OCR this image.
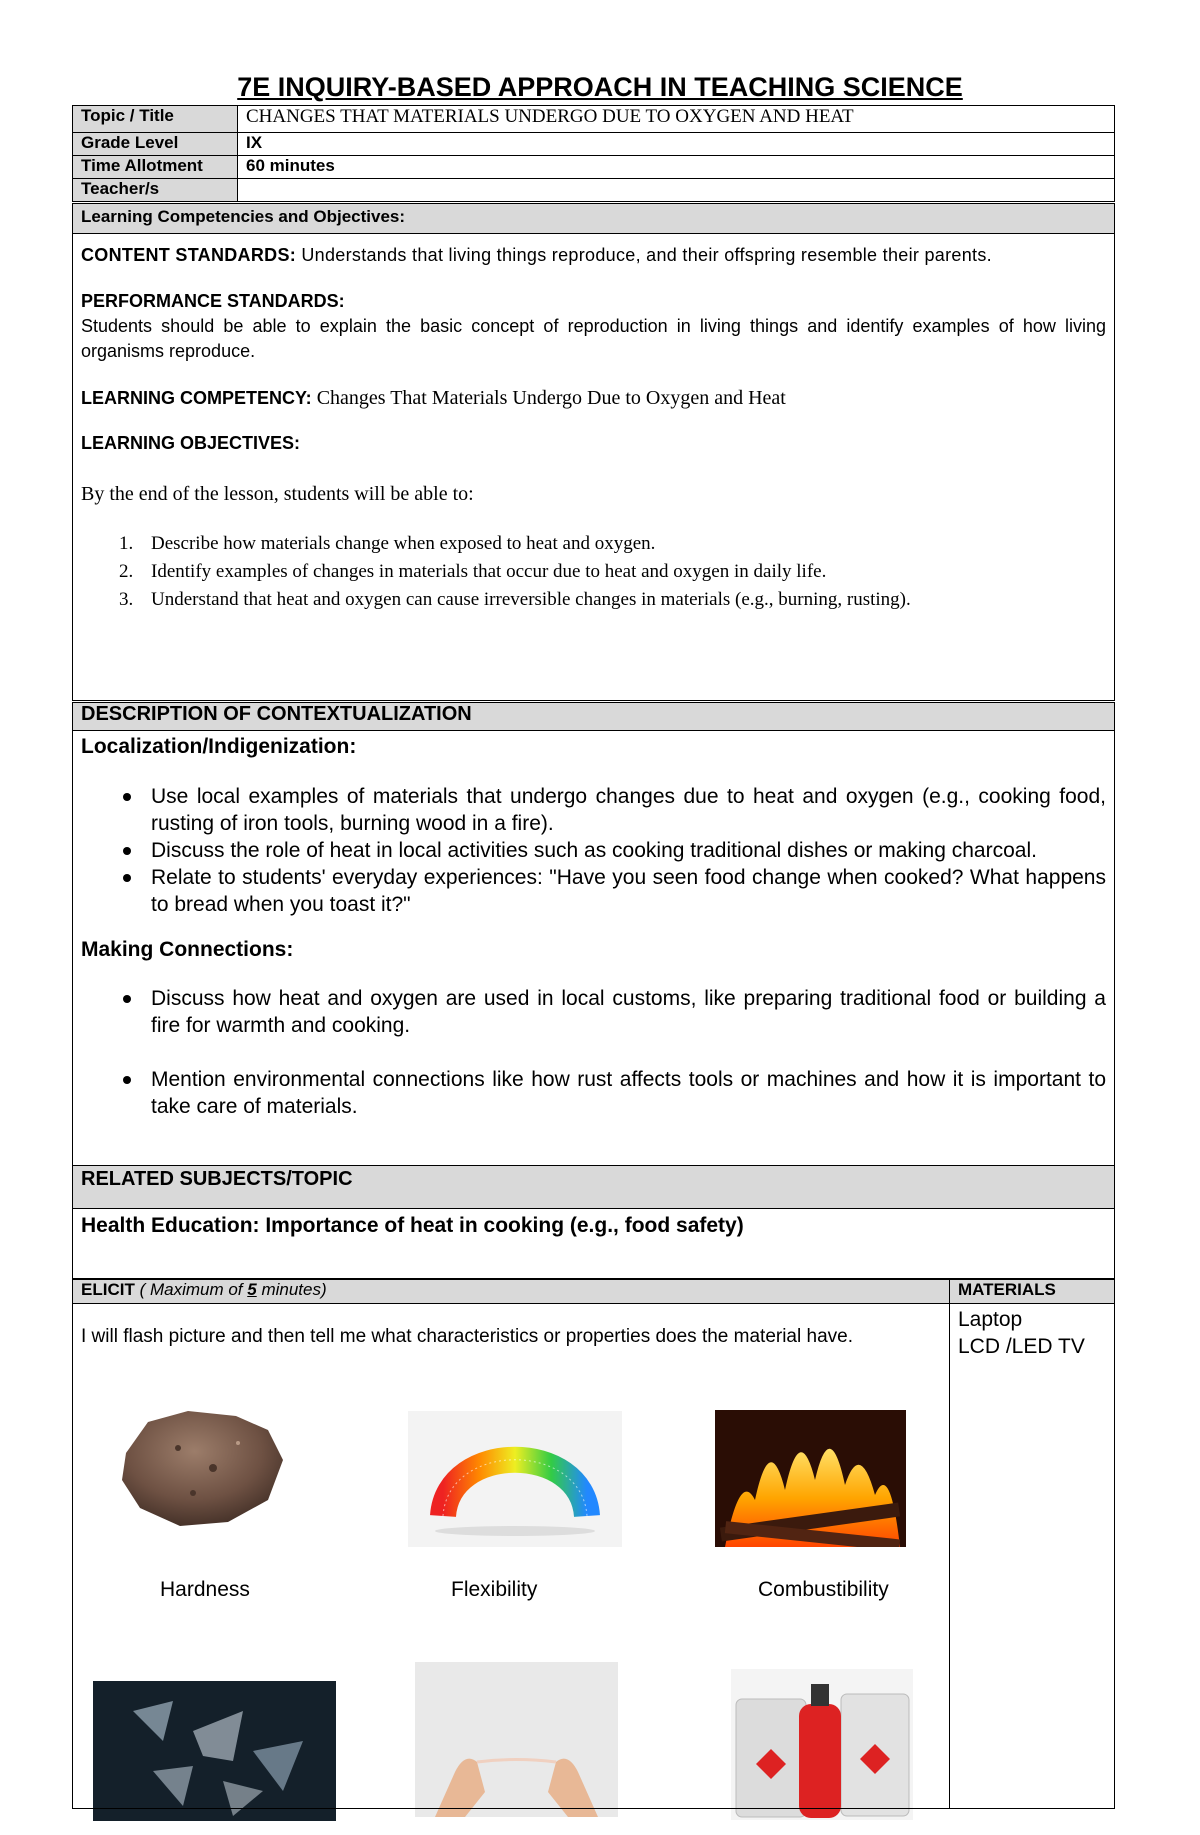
7E INQUIRY-BASED APPROACH IN TEACHING SCIENCE
Topic / Title	CHANGES THAT MATERIALS UNDERGO DUE TO OXYGEN AND HEAT
Grade Level	IX
Time Allotment	60 minutes
Teacher/s	
Learning Competencies and Objectives:

CONTENT STANDARDS: Understands that living things reproduce, and their offspring resemble their parents.

PERFORMANCE STANDARDS:

Students should be able to explain the basic concept of reproduction in living things and identify examples of how living organisms reproduce.

LEARNING COMPETENCY: Changes That Materials Undergo Due to Oxygen and Heat

LEARNING OBJECTIVES:

By the end of the lesson, students will be able to:

1. Describe how materials change when exposed to heat and oxygen.
2. Identify examples of changes in materials that occur due to heat and oxygen in daily life.
3. Understand that heat and oxygen can cause irreversible changes in materials (e.g., burning, rusting).
DESCRIPTION OF CONTEXTUALIZATION

Localization/Indigenization:

Use local examples of materials that undergo changes due to heat and oxygen (e.g., cooking food, rusting of iron tools, burning wood in a fire).
Discuss the role of heat in local activities such as cooking traditional dishes or making charcoal.
Relate to students' everyday experiences: "Have you seen food change when cooked? What happens to bread when you toast it?"

Making Connections:

Discuss how heat and oxygen are used in local customs, like preparing traditional food or building a fire for warmth and cooking.
Mention environmental connections like how rust affects tools or machines and how it is important to take care of materials.
RELATED SUBJECTS/TOPIC
Health Education: Importance of heat in cooking (e.g., food safety)
ELICIT ( Maximum of 5 minutes)	MATERIALS

I will flash picture and then tell me what characteristics or properties does the material have.	Laptop

LCD /LED TV

Hardness	Flexibility	Combustibility
